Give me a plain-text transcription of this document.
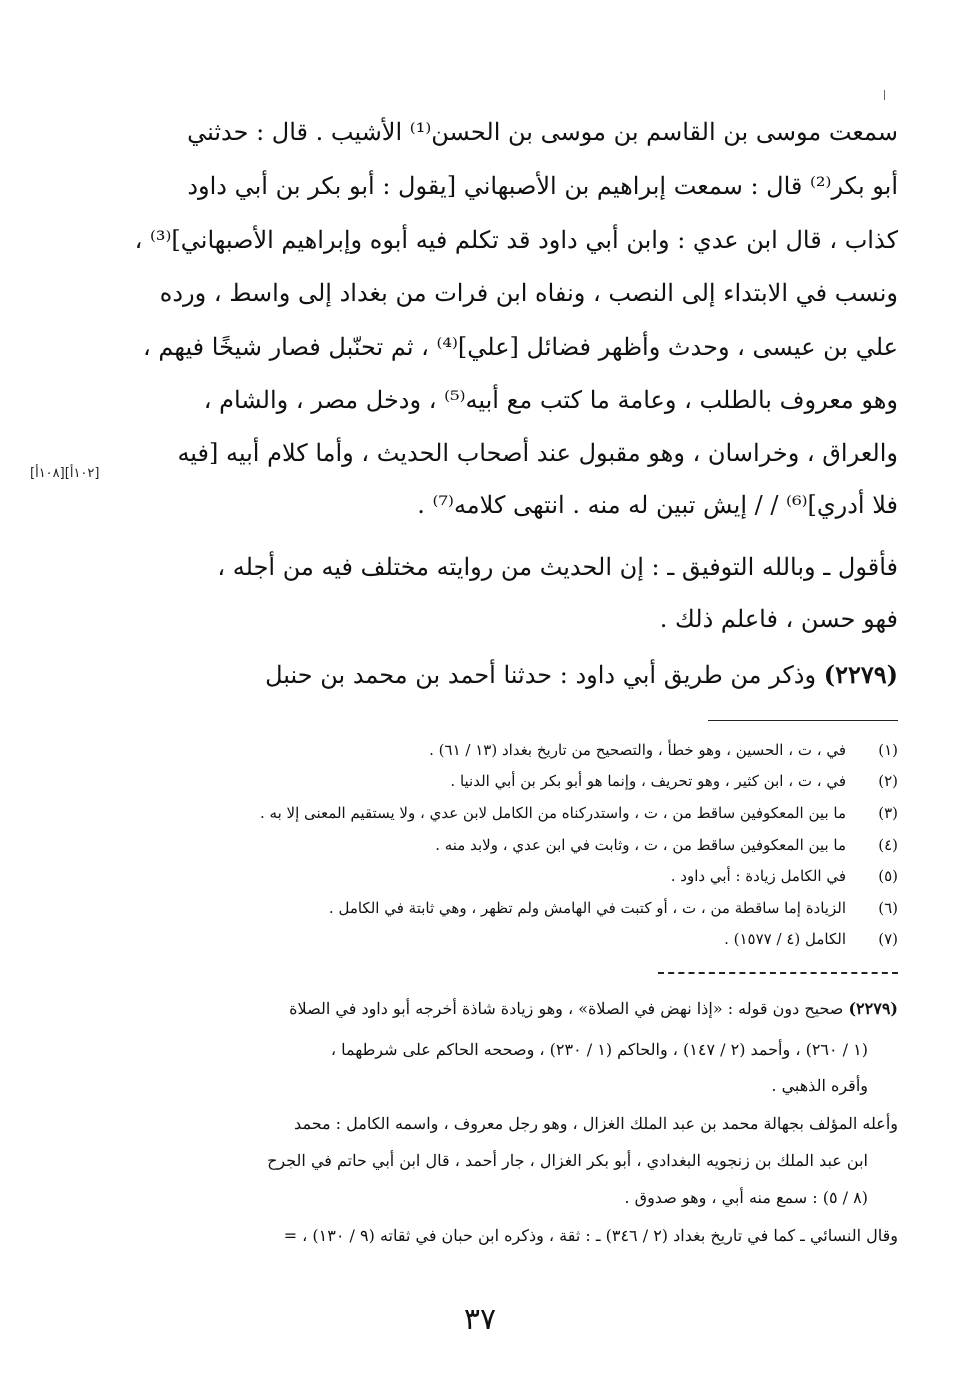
سمعت موسى بن القاسم بن موسى بن الحسن⁽¹⁾ الأشيب . قال : حدثني
أبو بكر⁽²⁾ قال : سمعت إبراهيم بن الأصبهاني [يقول : أبو بكر بن أبي داود
كذاب ، قال ابن عدي : وابن أبي داود قد تكلم فيه أبوه وإبراهيم الأصبهاني]⁽³⁾ ،
ونسب في الابتداء إلى النصب ، ونفاه ابن فرات من بغداد إلى واسط ، ورده
علي بن عيسى ، وحدث وأظهر فضائل [علي]⁽⁴⁾ ، ثم تحنّبل فصار شيخًا فيهم ،
وهو معروف بالطلب ، وعامة ما كتب مع أبيه⁽⁵⁾ ، ودخل مصر ، والشام ،
والعراق ، وخراسان ، وهو مقبول عند أصحاب الحديث ، وأما كلام أبيه [فيه
فلا أدري]⁽⁶⁾ / / إيش تبين له منه . انتهى كلامه⁽⁷⁾ .
[١٠٨أ][١٠٢أ]
فأقول ـ وبالله التوفيق ـ : إن الحديث من روايته مختلف فيه من أجله ،
فهو حسن ، فاعلم ذلك .
(٢٢٧٩) وذكر من طريق أبي داود : حدثنا أحمد بن محمد بن حنبل
(١)في ، ت ، الحسين ، وهو خطأ ، والتصحيح من تاريخ بغداد (١٣ / ٦١) .
(٢)في ، ت ، ابن كثير ، وهو تحريف ، وإنما هو أبو بكر بن أبي الدنيا .
(٣)ما بين المعكوفين ساقط من ، ت ، واستدركناه من الكامل لابن عدي ، ولا يستقيم المعنى إلا به .
(٤)ما بين المعكوفين ساقط من ، ت ، وثابت في ابن عدي ، ولابد منه .
(٥)في الكامل زيادة : أبي داود .
(٦)الزيادة إما ساقطة من ، ت ، أو كتبت في الهامش ولم تظهر ، وهي ثابتة في الكامل .
(٧)الكامل (٤ / ١٥٧٧) .
(٢٢٧٩) صحيح دون قوله : «إذا نهض في الصلاة» ، وهو زيادة شاذة أخرجه أبو داود في الصلاة
(١ / ٢٦٠) ، وأحمد (٢ / ١٤٧) ، والحاكم (١ / ٢٣٠) ، وصححه الحاكم على شرطهما ،
وأقره الذهبي .
وأعله المؤلف بجهالة محمد بن عبد الملك الغزال ، وهو رجل معروف ، واسمه الكامل : محمد
ابن عبد الملك بن زنجويه البغدادي ، أبو بكر الغزال ، جار أحمد ، قال ابن أبي حاتم في الجرح
(٨ / ٥) : سمع منه أبي ، وهو صدوق .
وقال النسائي ـ كما في تاريخ بغداد (٢ / ٣٤٦) ـ : ثقة ، وذكره ابن حبان في ثقاته (٩ / ١٣٠) ، =
٣٧
